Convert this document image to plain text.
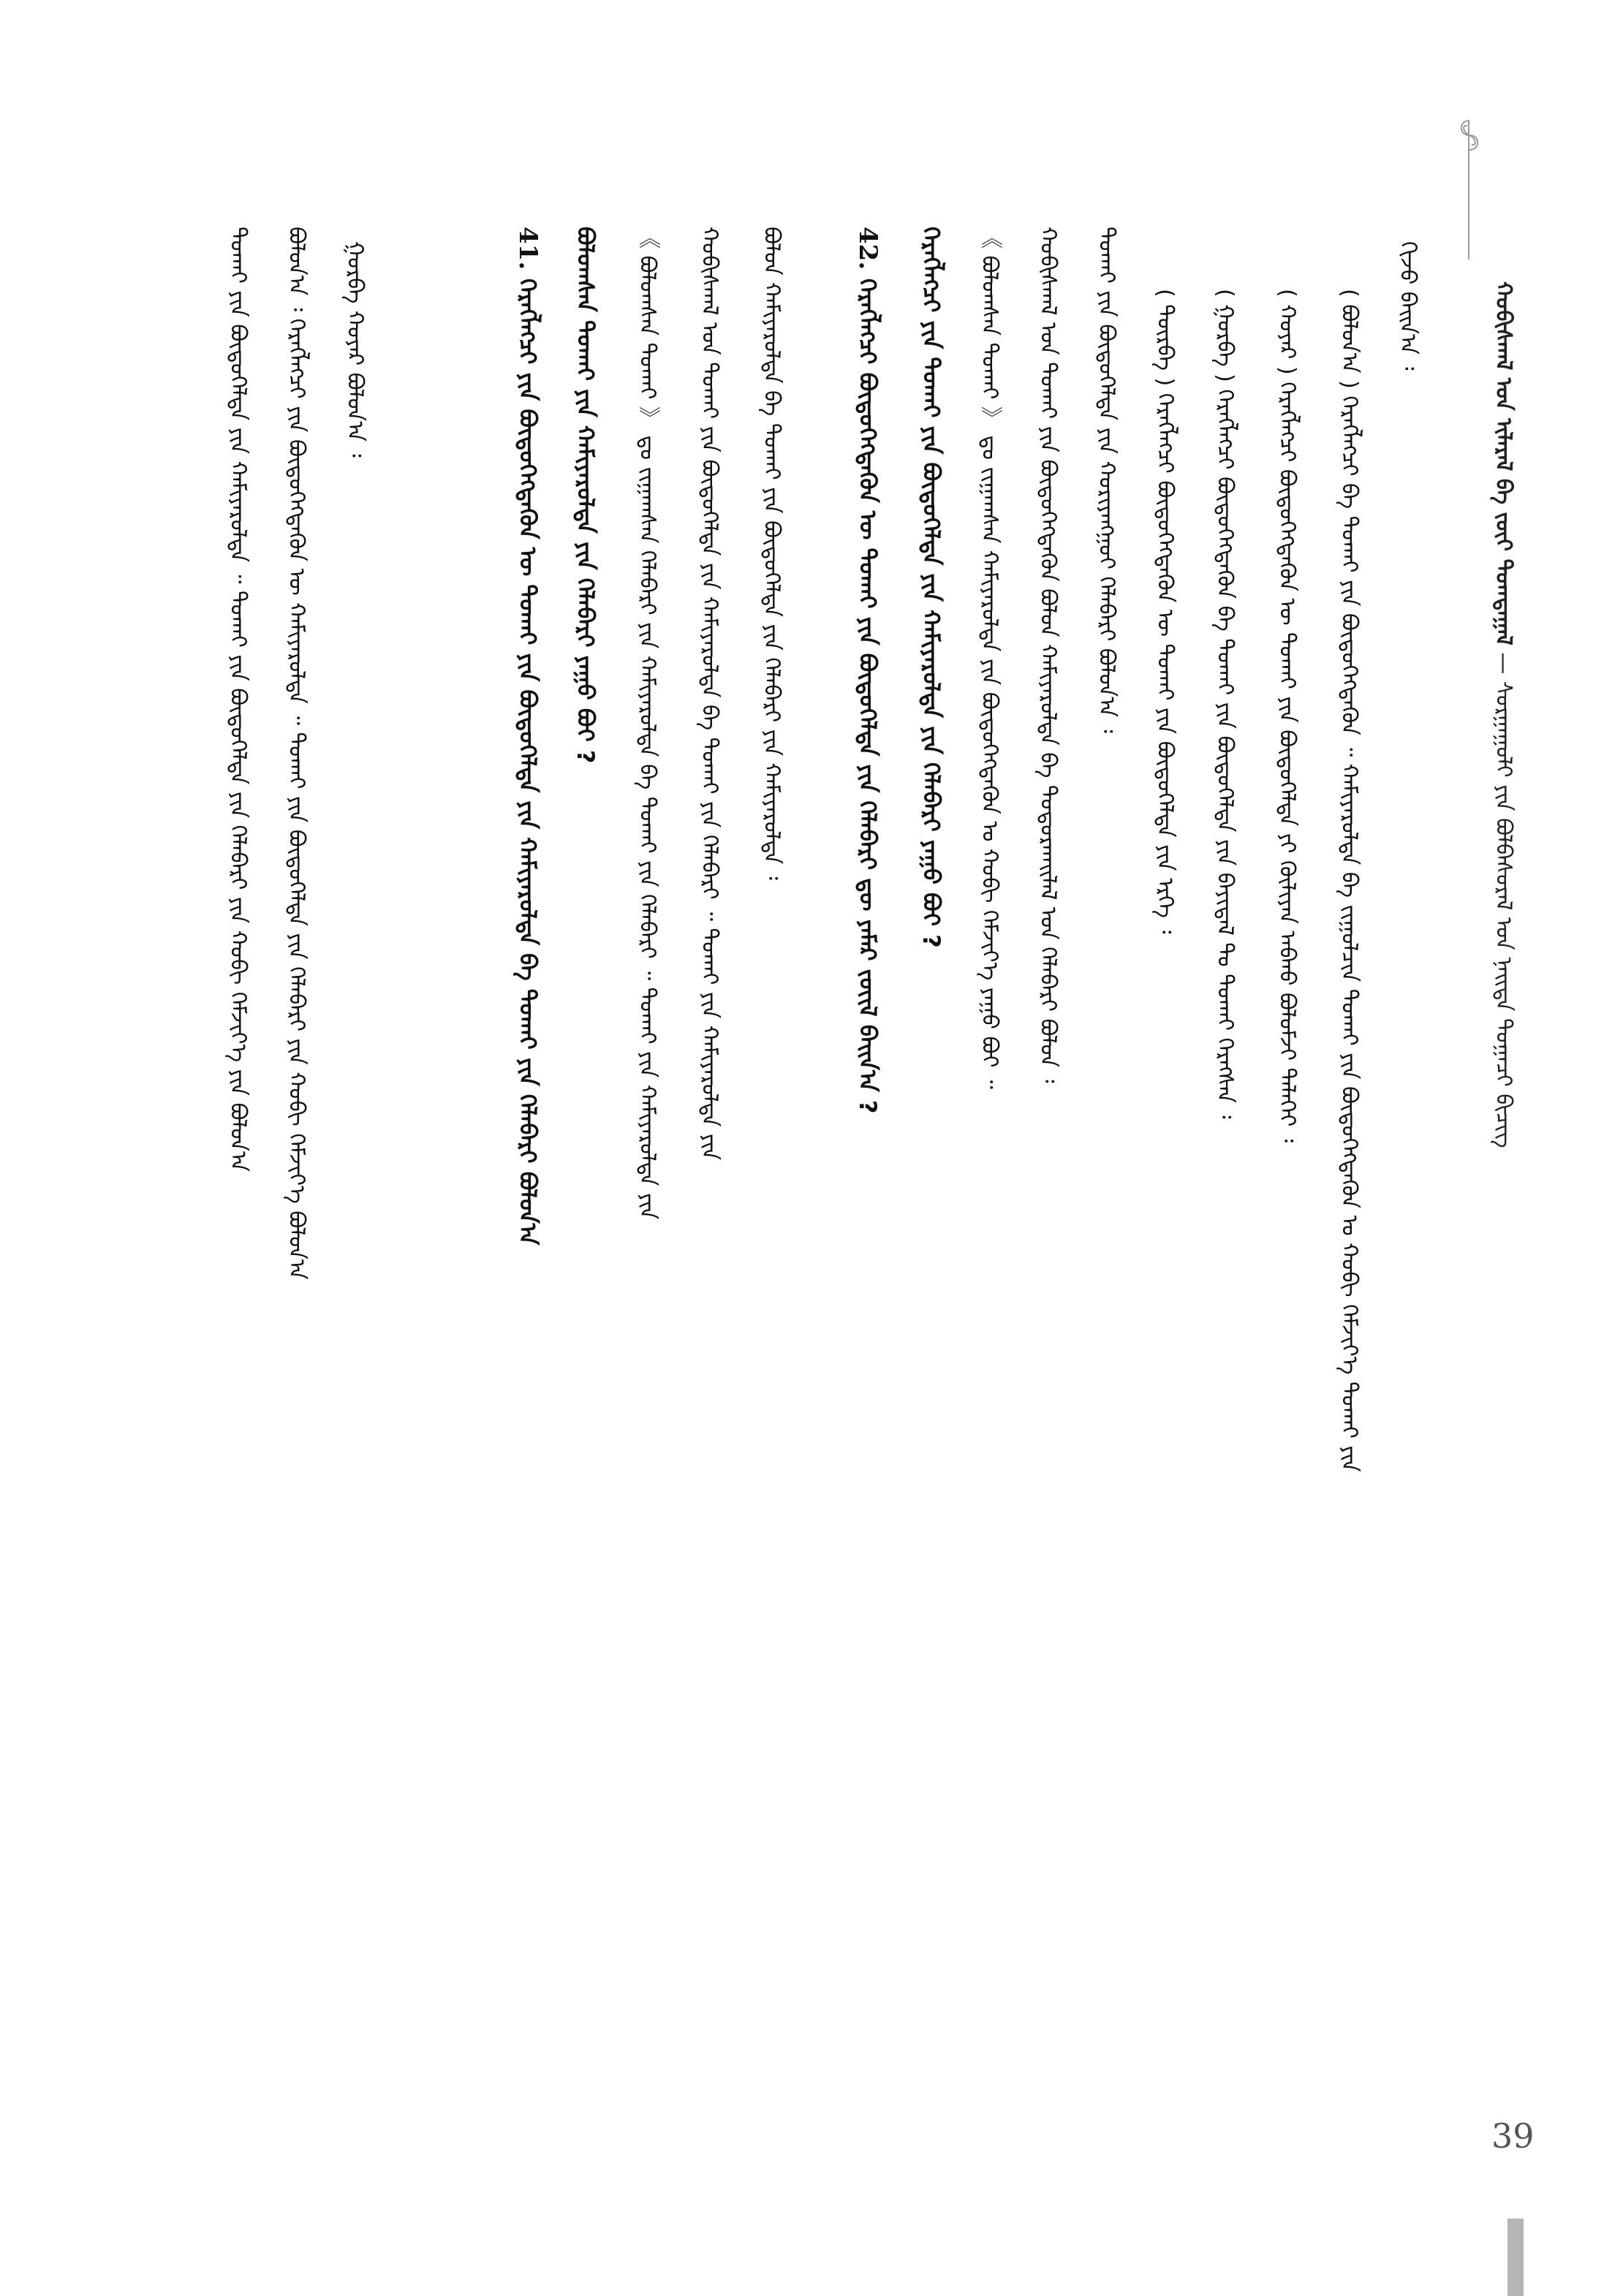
ᠬᠣᠪᠢᠰᠬᠠᠯ ᠤᠨ ᠢᠯᠡᠷᠡᠯ ᠪᠠ ᠵᠦᠢ ᠲᠣᠭᠲᠠᠭᠠᠯ — ᠰᠤᠷᠭᠠᠭᠤᠯᠢ ᠶᠢᠨ ᠪᠣᠯᠪᠠᠰᠤᠷᠠᠯ ᠤᠨ ᠨᠡᠢᠲᠡ ᠲᠣᠭᠠᠴᠢ ᠪᠢᠴᠢᠭ
39
ᠬᠢᠵᠦ ᠪᠠᠢᠨ᠎ᠠ ᠄
( ᠪᠣᠯᠤᠨ᠎ᠠ ) ᠬᠡᠷᠡᠭᠯᠡᠭᠴᠢ ᠪᠠ ᠲᠤᠬᠠᠢ ᠶᠢᠨ ᠪᠦᠲᠦᠭᠡᠭᠳᠡᠬᠦᠨ ᠃ ᠬᠠᠮᠢᠶᠠᠷᠤᠯᠲᠠ ᠪᠠ ᠵᠢᠭᠤᠯᠴᠢᠨ ᠲᠤᠬᠠᠢ ᠶᠢᠨ ᠪᠦᠲᠦᠭᠡᠭᠳᠡᠬᠦᠨ ᠤ ᠬᠤᠪᠢ ᠬᠡᠮᠵᠢᠶ᠎ᠡ ᠲᠤᠬᠠᠢ ᠶᠢᠨ
( ᠬᠣᠶᠠᠷ ) ᠬᠡᠷᠡᠭᠯᠡᠭᠴᠢ ᠪᠦᠲᠦᠭᠡᠭᠳᠡᠬᠦᠨ ᠦ ᠲᠤᠬᠠᠢ ᠶᠢᠨ ᠪᠦᠲᠦᠭᠡᠯᠲᠡ ᠶᠢ ᠬᠦᠯᠢᠶᠡᠨ ᠠᠪᠬᠤ ᠪᠣᠯᠣᠮᠵᠢ ᠲᠡᠯᠡᠬᠡᠢ ᠄
( ᠭᠤᠷᠪᠠ ) ᠬᠡᠷᠡᠭᠯᠡᠭᠴᠢ ᠪᠦᠲᠦᠭᠡᠭᠳᠡᠬᠦᠨ ᠪᠠ ᠲᠤᠬᠠᠢ ᠶᠢᠨ ᠪᠦᠲᠦᠭᠡᠯᠲᠡ ᠶᠢᠨ ᠪᠠᠶᠢᠳᠠᠯ ᠲᠤ ᠲᠤᠬᠠᠢ ᠬᠡᠷᠡᠭᠰᠡᠨ ᠄
( ᠳᠥᠷᠪᠡ ) ᠬᠡᠷᠡᠭᠯᠡᠭᠴᠢ ᠪᠦᠲᠦᠭᠡᠭᠳᠡᠬᠦᠨ ᠦ ᠲᠤᠬᠠᠢ ᠶᠢᠨ ᠪᠦᠲᠦᠭᠡᠯᠲᠡ ᠶᠢᠨ ᠡᠷᠬᠡ ᠄
ᠲᠤᠬᠠᠢ ᠶᠢᠨ ᠪᠦᠲᠦᠭᠡᠯᠲᠡ ᠶᠢᠨ ᠬᠤᠷᠢᠶᠠᠩᠭᠤᠢ ᠬᠡᠯᠡᠪᠡᠷᠢ ᠪᠣᠯᠤᠨ᠎ᠠ ᠄
ᠬᠣᠪᠢᠰᠬᠠᠯ ᠤᠨ ᠲᠤᠬᠠᠢ ᠶᠢᠨ ᠪᠦᠲᠦᠭᠡᠭᠳᠡᠬᠦᠨ ᠪᠣᠯᠤᠨ ᠬᠠᠮᠢᠶᠠᠷᠤᠯᠲᠠ ᠪᠠ ᠲᠣᠳᠣᠷᠬᠠᠢᠯᠠᠯ ᠤᠨ ᠬᠡᠯᠡᠪᠡᠷᠢ ᠪᠣᠯᠤᠨ ᠄
《 ᠪᠣᠯᠤᠭᠰᠠᠨ ᠲᠤᠬᠠᠢ 》 ᠳᠤ ᠵᠢᠭᠠᠭᠰᠠᠨ ᠬᠠᠮᠢᠶᠠᠷᠤᠯᠲᠠ ᠶᠢᠨ ᠪᠦᠲᠦᠭᠡᠭᠳᠡᠬᠦᠨ ᠤ ᠬᠤᠪᠢ ᠬᠡᠮᠵᠢᠶ᠎ᠡ ᠶᠠᠭᠤ ᠪᠣᠢ ᠃
ᠬᠡᠷᠡᠭᠯᠡᠭᠴᠢ ᠶᠢᠨ ᠲᠤᠬᠠᠢ ᠶᠢᠨ ᠪᠦᠲᠦᠭᠡᠯᠲᠡ ᠶᠢᠨ ᠬᠠᠮᠢᠶᠠᠷᠤᠯᠲᠠ ᠶᠢᠨ ᠬᠡᠯᠡᠪᠡᠷᠢ ᠶᠠᠭᠤ ᠪᠣᠢ ?
42. ᠬᠡᠷᠡᠭᠯᠡᠭᠴᠢ ᠪᠦᠲᠦᠭᠡᠭᠳᠡᠬᠦᠨ ᠦ ᠲᠤᠬᠠᠢ ᠶᠢᠨ ᠪᠦᠲᠦᠭᠡᠯᠲᠡ ᠶᠢᠨ ᠬᠡᠯᠡᠪᠡᠷᠢ ᠳᠦ ᠶᠠᠮᠠᠷ ᠵᠦᠢᠯ ᠪᠠᠢᠨ᠎ᠠ ?
ᠪᠣᠯᠤᠨ ᠬᠠᠮᠢᠶᠠᠷᠤᠯᠲᠠ ᠪᠠ ᠲᠤᠬᠠᠢ ᠶᠢᠨ ᠪᠦᠲᠦᠭᠡᠯᠲᠡ ᠶᠢᠨ ᠬᠡᠯᠡᠪᠡᠷᠢ ᠶᠢᠨ ᠬᠠᠮᠢᠶᠠᠷᠤᠯᠲᠠ ᠄
ᠬᠣᠪᠢᠰᠬᠠᠯ ᠤᠨ ᠲᠤᠬᠠᠢ ᠶᠢᠨ ᠪᠦᠲᠦᠭᠡᠯᠲᠡ ᠶᠢᠨ ᠬᠠᠮᠢᠶᠠᠷᠤᠯᠲᠠ ᠪᠠ ᠲᠤᠬᠠᠢ ᠶᠢᠨ ᠬᠡᠯᠡᠪᠡᠷᠢ ᠃ ᠲᠤᠬᠠᠢ ᠶᠢᠨ ᠬᠠᠮᠢᠶᠠᠷᠤᠯᠲᠠ ᠶᠢᠨ
《 ᠪᠣᠯᠤᠭᠰᠠᠨ ᠲᠤᠬᠠᠢ 》 ᠳᠤ ᠵᠢᠭᠠᠭᠰᠠᠨ ᠬᠡᠯᠡᠪᠡᠷᠢ ᠶᠢᠨ ᠬᠠᠮᠢᠶᠠᠷᠤᠯᠲᠠ ᠪᠠ ᠲᠤᠬᠠᠢ ᠶᠢᠨ ᠬᠡᠯᠡᠪᠡᠷᠢ ᠃ ᠲᠤᠬᠠᠢ ᠶᠢᠨ ᠬᠠᠮᠢᠶᠠᠷᠤᠯᠲᠠ ᠶᠢᠨ
ᠪᠣᠯᠤᠭᠰᠠᠨ ᠲᠤᠬᠠᠢ ᠶᠢᠨ ᠬᠠᠮᠢᠶᠠᠷᠤᠯᠲᠠ ᠶᠢᠨ ᠬᠡᠯᠡᠪᠡᠷᠢ ᠶᠠᠭᠤ ᠪᠣᠢ ?
41. ᠬᠡᠷᠡᠭᠯᠡᠭᠴᠢ ᠶᠢᠨ ᠪᠦᠲᠦᠭᠡᠭᠳᠡᠬᠦᠨ ᠦ ᠲᠤᠬᠠᠢ ᠶᠢᠨ ᠪᠦᠲᠦᠭᠡᠯᠲᠡ ᠶᠢᠨ ᠬᠠᠮᠢᠶᠠᠷᠤᠯᠲᠠ ᠪᠠ ᠲᠤᠬᠠᠢ ᠶᠢᠨ ᠬᠡᠯᠡᠪᠡᠷᠢ ᠪᠣᠯᠤᠨ᠎ᠠ
ᠭᠤᠷᠪᠠ ᠬᠣᠶᠠᠷ ᠪᠣᠯᠤᠨ᠎ᠠ ᠄
ᠪᠣᠯᠤᠨ᠎ᠠ ᠄ ᠬᠡᠷᠡᠭᠯᠡᠭᠴᠢ ᠶᠢᠨ ᠪᠦᠲᠦᠭᠡᠭᠳᠡᠬᠦᠨ ᠦ ᠬᠠᠮᠢᠶᠠᠷᠤᠯᠲᠠ ᠃ ᠲᠤᠬᠠᠢ ᠶᠢᠨ ᠪᠦᠲᠦᠭᠡᠯᠲᠡ ᠶᠢᠨ ᠬᠡᠯᠡᠪᠡᠷᠢ ᠶᠢᠨ ᠬᠣᠪᠢ ᠬᠡᠮᠵᠢᠶ᠎ᠡ ᠪᠣᠯᠤᠨ᠎ᠠ
ᠲᠤᠬᠠᠢ ᠶᠢᠨ ᠪᠦᠲᠦᠭᠡᠯᠲᠡ ᠶᠢᠨ ᠬᠠᠮᠢᠶᠠᠷᠤᠯᠲᠠ ᠃ ᠲᠤᠬᠠᠢ ᠶᠢᠨ ᠪᠦᠲᠦᠭᠡᠯᠲᠡ ᠶᠢᠨ ᠬᠡᠯᠡᠪᠡᠷᠢ ᠶᠢᠨ ᠬᠣᠪᠢ ᠬᠡᠮᠵᠢᠶ᠎ᠡ ᠶᠢᠨ ᠪᠣᠯᠤᠨ᠎ᠠ
